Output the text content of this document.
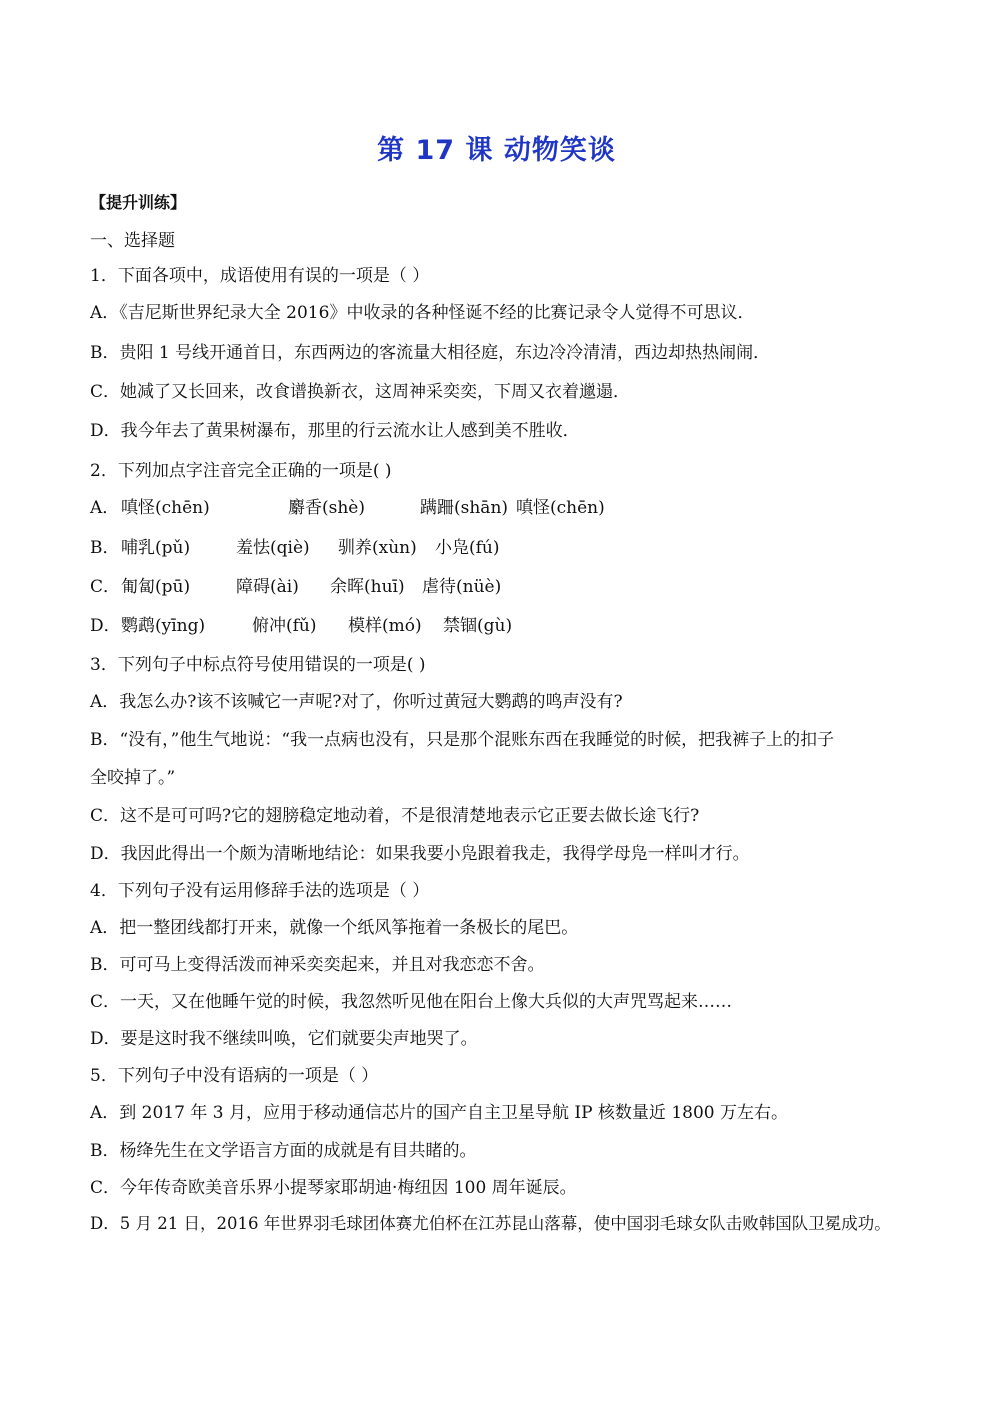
第 17 课 动物笑谈
【提升训练】
一、选择题
1．下面各项中，成语使用有误的一项是（ ）
A．《吉尼斯世界纪录大全 2016》中收录的各种怪诞不经的比赛记录令人觉得不可思议．
B．贵阳 1 号线开通首日，东西两边的客流量大相径庭，东边冷冷清清，西边却热热闹闹．
C．她减了又长回来，改食谱换新衣，这周神采奕奕，下周又衣着邋遢．
D．我今年去了黄果树瀑布，那里的行云流水让人感到美不胜收．
2．下列加点字注音完全正确的一项是( )
A． 嗔怪(chēn)	麝香(shè)	蹒跚(shān) 嗔怪(chēn)
B． 哺乳(pǔ)	羞怯(qiè) 驯养(xùn) 小凫(fú)
C． 匍匐(pū)	障碍(ài) 余晖(huī) 虐待(nüè)
D． 鹦鹉(yīng)	俯冲(fǔ) 模样(mó) 禁锢(gù)
3．下列句子中标点符号使用错误的一项是( )
A．我怎么办?该不该喊它一声呢?对了，你听过黄冠大鹦鹉的鸣声没有?
B．“没有，”他生气地说：“我一点病也没有，只是那个混账东西在我睡觉的时候，把我裤子上的扣子
全咬掉了。”
C．这不是可可吗?它的翅膀稳定地动着，不是很清楚地表示它正要去做长途飞行?
D．我因此得出一个颇为清晰地结论：如果我要小凫跟着我走，我得学母凫一样叫才行。
4．下列句子没有运用修辞手法的选项是（ ）
A．把一整团线都打开来，就像一个纸风筝拖着一条极长的尾巴。
B．可可马上变得活泼而神采奕奕起来，并且对我恋恋不舍。
C．一天，又在他睡午觉的时候，我忽然听见他在阳台上像大兵似的大声咒骂起来……
D．要是这时我不继续叫唤，它们就要尖声地哭了。
5．下列句子中没有语病的一项是（ ）
A．到 2017 年 3 月，应用于移动通信芯片的国产自主卫星导航 IP 核数量近 1800 万左右。
B．杨绛先生在文学语言方面的成就是有目共睹的。
C．今年传奇欧美音乐界小提琴家耶胡迪·梅纽因 100 周年诞辰。
D．5 月 21 日，2016 年世界羽毛球团体赛尤伯杯在江苏昆山落幕，使中国羽毛球女队击败韩国队卫冕成功。
